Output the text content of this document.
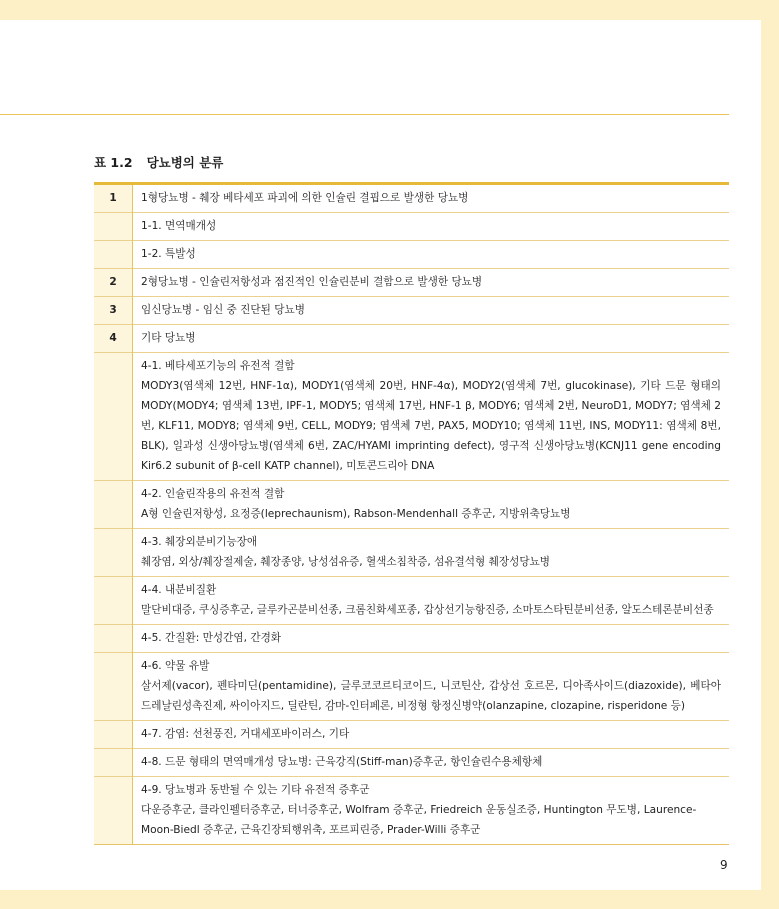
표 1.2 당뇨병의 분류
1	1형당뇨병 - 췌장 베타세포 파괴에 의한 인슐린 결핍으로 발생한 당뇨병
	1-1. 면역매개성
	1-2. 특발성
2	2형당뇨병 - 인슐린저항성과 점진적인 인슐린분비 결함으로 발생한 당뇨병
3	임신당뇨병 - 임신 중 진단된 당뇨병
4	기타 당뇨병

	4-1. 베타세포기능의 유전적 결함
MODY3(염색체 12번, HNF-1α), MODY1(염색체 20번, HNF-4α), MODY2(염색체 7번, glucokinase), 기타 드문 형태의 MODY(MODY4; 염색체 13번, IPF-1, MODY5; 염색체 17번, HNF-1 β, MODY6; 염색체 2번, NeuroD1, MODY7; 염색체 2번, KLF11, MODY8; 염색체 9번, CELL, MODY9; 염색체 7번, PAX5, MODY10; 염색체 11번, INS, MODY11: 염색체 8번, BLK), 일과성 신생아당뇨병(염색체 6번, ZAC/HYAMI imprinting defect), 영구적 신생아당뇨병(KCNJ11 gene encoding Kir6.2 subunit of β-cell KATP channel), 미토콘드리아 DNA

	4-2. 인슐린작용의 유전적 결함
A형 인슐린저항성, 요정증(leprechaunism), Rabson-Mendenhall 증후군, 지방위축당뇨병

	4-3. 췌장외분비기능장애
췌장염, 외상/췌장절제술, 췌장종양, 낭성섬유증, 혈색소침착증, 섬유결석형 췌장성당뇨병

	4-4. 내분비질환
말단비대증, 쿠싱증후군, 글루카곤분비선종, 크롬친화세포종, 갑상선기능항진증, 소마토스타틴분비선종, 알도스테론분비선종

	4-5. 간질환: 만성간염, 간경화

	4-6. 약물 유발
살서제(vacor), 펜타미딘(pentamidine), 글루코코르티코이드, 니코틴산, 갑상선 호르몬, 디아족사이드(diazoxide), 베타아드레날린성촉진제, 싸이아지드, 딜란틴, 감마-인터페론, 비정형 항정신병약(olanzapine, clozapine, risperidone 등)

	4-7. 감염: 선천풍진, 거대세포바이러스, 기타
	4-8. 드문 형태의 면역매개성 당뇨병: 근육강직(Stiff-man)증후군, 항인슐린수용체항체

	4-9. 당뇨병과 동반될 수 있는 기타 유전적 증후군
다운증후군, 클라인펠터증후군, 터너증후군, Wolfram 증후군, Friedreich 운동실조증, Huntington 무도병, Laurence-Moon-Biedl 증후군, 근육긴장퇴행위축, 포르피린증, Prader-Willi 증후군
9
